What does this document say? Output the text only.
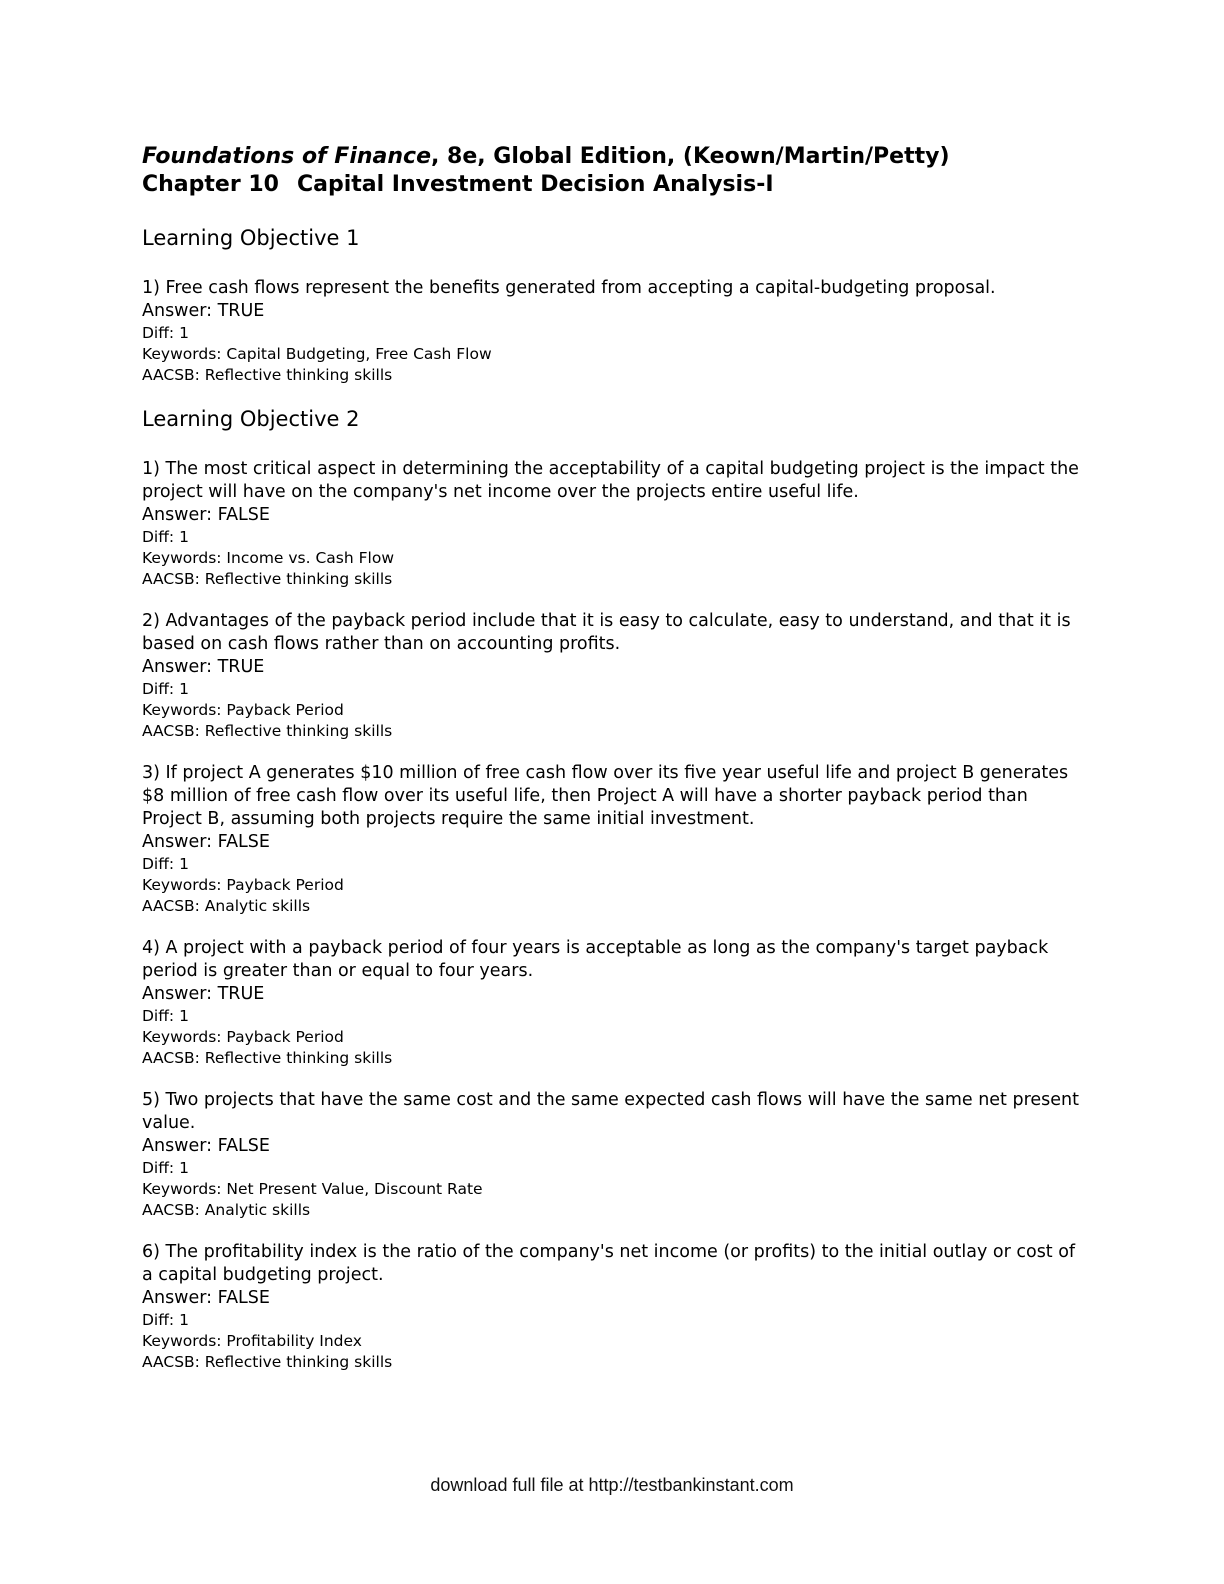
Foundations of Finance, 8e, Global Edition, (Keown/Martin/Petty)
Chapter 10 Capital Investment Decision Analysis-I
Learning Objective 1

1) Free cash flows represent the benefits generated from accepting a capital-budgeting proposal.

Answer: TRUE

Diff: 1

Keywords: Capital Budgeting, Free Cash Flow

AACSB: Reflective thinking skills

Learning Objective 2

1) The most critical aspect in determining the acceptability of a capital budgeting project is the impact the project will have on the company's net income over the projects entire useful life.

Answer: FALSE

Diff: 1

Keywords: Income vs. Cash Flow

AACSB: Reflective thinking skills

2) Advantages of the payback period include that it is easy to calculate, easy to understand, and that it is based on cash flows rather than on accounting profits.

Answer: TRUE

Diff: 1

Keywords: Payback Period

AACSB: Reflective thinking skills

3) If project A generates $10 million of free cash flow over its five year useful life and project B generates $8 million of free cash flow over its useful life, then Project A will have a shorter payback period than Project B, assuming both projects require the same initial investment.

Answer: FALSE

Diff: 1

Keywords: Payback Period

AACSB: Analytic skills

4) A project with a payback period of four years is acceptable as long as the company's target payback period is greater than or equal to four years.

Answer: TRUE

Diff: 1

Keywords: Payback Period

AACSB: Reflective thinking skills

5) Two projects that have the same cost and the same expected cash flows will have the same net present value.

Answer: FALSE

Diff: 1

Keywords: Net Present Value, Discount Rate

AACSB: Analytic skills

6) The profitability index is the ratio of the company's net income (or profits) to the initial outlay or cost of a capital budgeting project.

Answer: FALSE

Diff: 1

Keywords: Profitability Index

AACSB: Reflective thinking skills

download full file at http://testbankinstant.com
